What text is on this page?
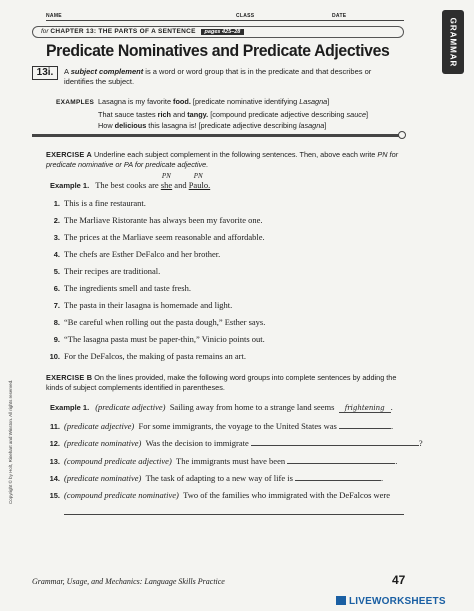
NAME	CLASS	DATE
for CHAPTER 13: THE PARTS OF A SENTENCE pages 425–28	GRAMMAR
Predicate Nominatives and Predicate Adjectives
13i.	A subject complement is a word or word group that is in the predicate and that describes or identifies the subject.
EXAMPLES Lasagna is my favorite food. [predicate nominative identifying Lasagna]
That sauce tastes rich and tangy. [compound predicate adjective describing sauce]
How delicious this lasagna is! [predicate adjective describing lasagna]
EXERCISE A Underline each subject complement in the following sentences. Then, above each write PN for predicate nominative or PA for predicate adjective.
Example 1. The best cooks are
PN
she and
PN
Paulo.
1. This is a fine restaurant.
2. The Marliave Ristorante has always been my favorite one.
3. The prices at the Marliave seem reasonable and affordable.
4. The chefs are Esther DeFalco and her brother.
5. Their recipes are traditional.
6. The ingredients smell and taste fresh.
7. The pasta in their lasagna is homemade and light.
8. “Be careful when rolling out the pasta dough,” Esther says.
9. “The lasagna pasta must be paper-thin,” Vinicio points out.
10. For the DeFalcos, the making of pasta remains an art.
EXERCISE B On the lines provided, make the following word groups into complete sentences by adding the kinds of subject complements identified in parentheses.
Example 1. (predicate adjective) Sailing away from home to a strange land seems frightening .
11. (predicate adjective) For some immigrants, the voyage to the United States was	.
12. (predicate nominative) Was the decision to immigrate	?
13. (compound predicate adjective) The immigrants must have been	.
14. (predicate nominative) The task of adapting to a new way of life is	.
15. (compound predicate nominative) Two of the families who immigrated with the DeFalcos were
Copyright © by Holt, Rinehart and Winston. All rights reserved.
Grammar, Usage, and Mechanics: Language Skills Practice	47
LIVEWORKSHEETS
